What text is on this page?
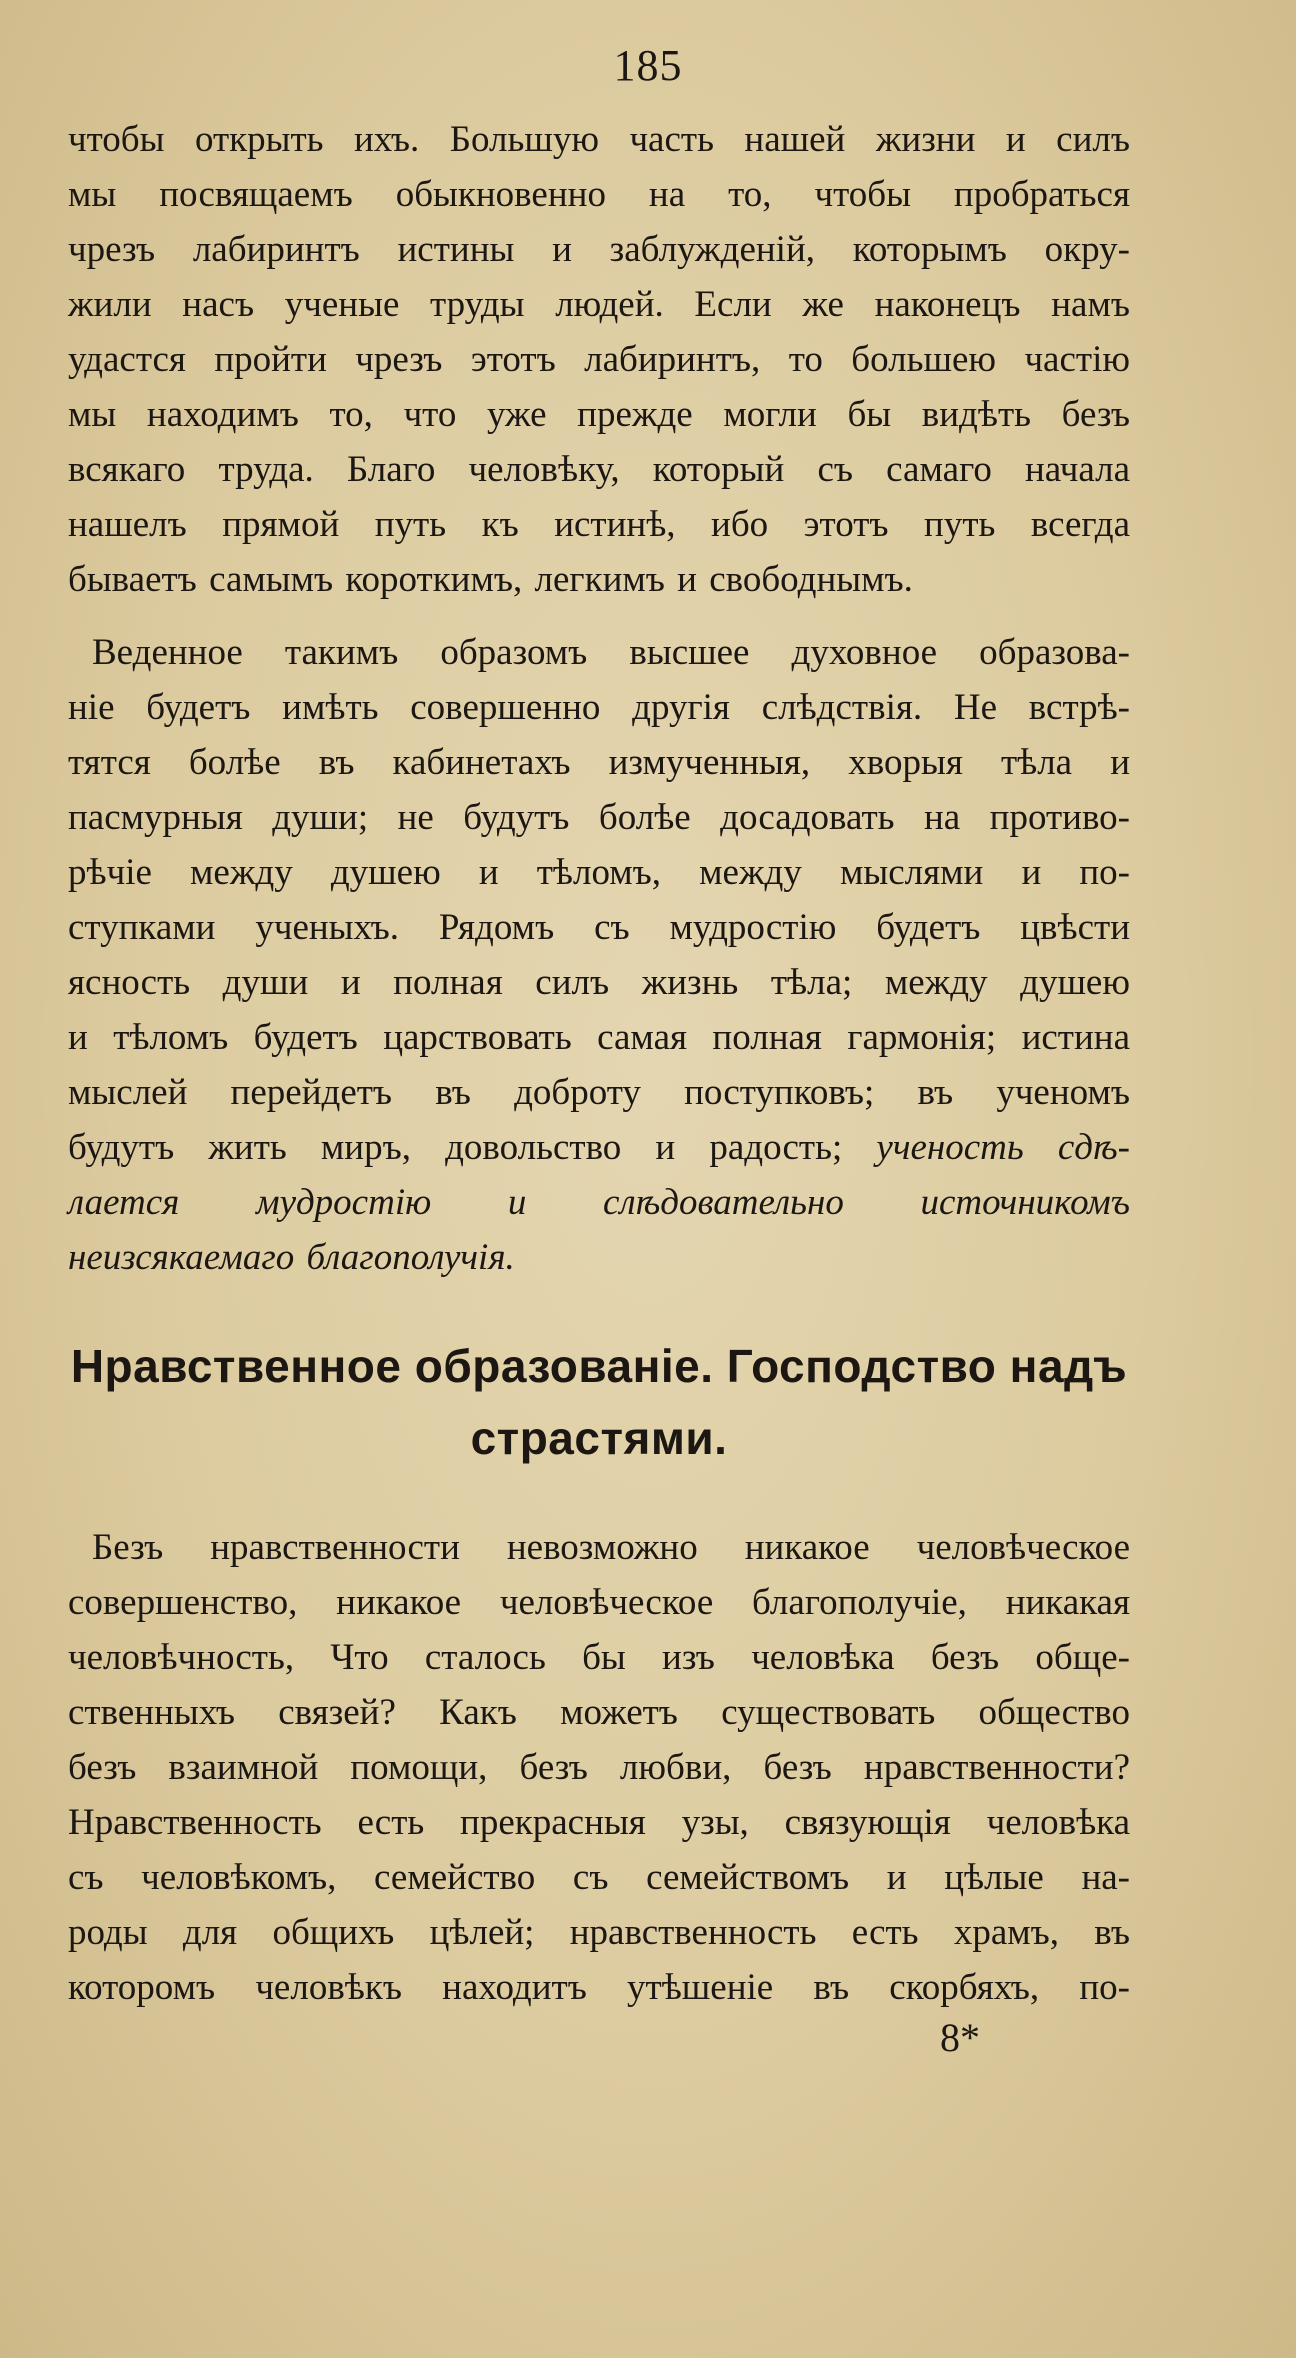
185
чтобы открыть ихъ. Большую часть нашей жизни и силъ
мы посвящаемъ обыкновенно на то, чтобы пробраться
чрезъ лабиринтъ истины и заблужденій, которымъ окру-
жили насъ ученые труды людей. Если же наконецъ намъ
удастся пройти чрезъ этотъ лабиринтъ, то большею частію
мы находимъ то, что уже прежде могли бы видѣть безъ
всякаго труда. Благо человѣку, который съ самаго начала
нашелъ прямой путь къ истинѣ, ибо этотъ путь всегда
бываетъ самымъ короткимъ, легкимъ и свободнымъ.
Веденное такимъ образомъ высшее духовное образова-
ніе будетъ имѣть совершенно другія слѣдствія. Не встрѣ-
тятся болѣе въ кабинетахъ измученныя, хворыя тѣла и
пасмурныя души; не будутъ болѣе досадовать на противо-
рѣчіе между душею и тѣломъ, между мыслями и по-
ступками ученыхъ. Рядомъ съ мудростію будетъ цвѣсти
ясность души и полная силъ жизнь тѣла; между душею
и тѣломъ будетъ царствовать самая полная гармонія; истина
мыслей перейдетъ въ доброту поступковъ; въ ученомъ
будутъ жить миръ, довольство и радость; ученость сдѣ-
лается мудростію и слѣдовательно источникомъ
неизсякаемаго благополучія.
Нравственное образованіе. Господство надъ
страстями.
Безъ нравственности невозможно никакое человѣческое
совершенство, никакое человѣческое благополучіе, никакая
человѣчность, Что сталось бы изъ человѣка безъ обще-
ственныхъ связей? Какъ можетъ существовать общество
безъ взаимной помощи, безъ любви, безъ нравственности?
Нравственность есть прекрасныя узы, связующія человѣка
съ человѣкомъ, семейство съ семействомъ и цѣлые на-
роды для общихъ цѣлей; нравственность есть храмъ, въ
которомъ человѣкъ находитъ утѣшеніе въ скорбяхъ, по-
8*
